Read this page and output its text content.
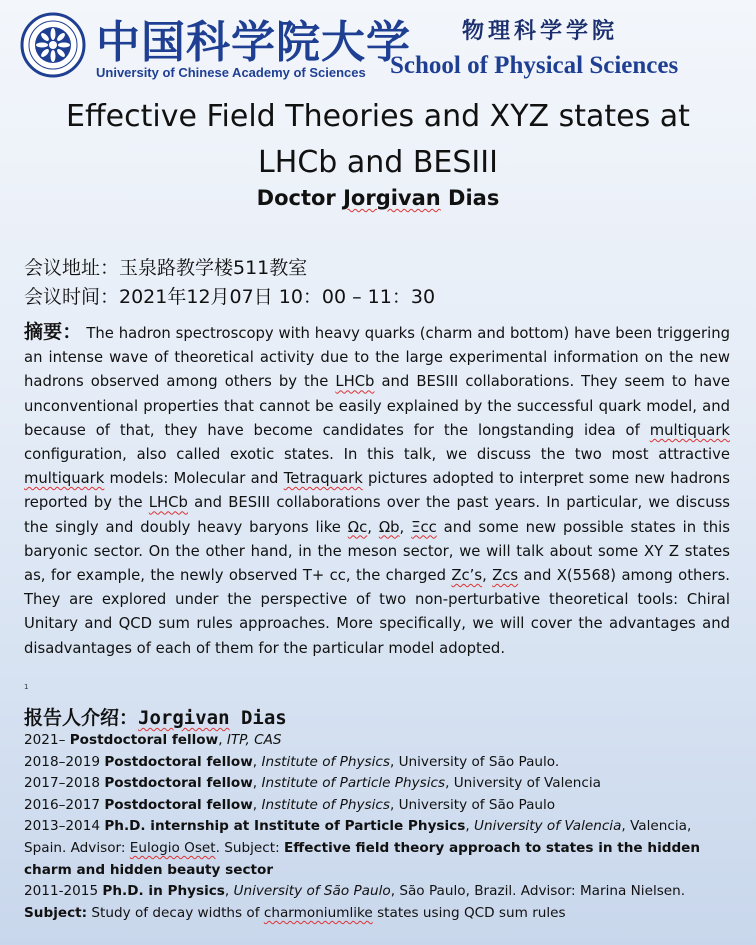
中国科学院大学
University of Chinese Academy of Sciences
物理科学学院
School of Physical Sciences
Effective Field Theories and XYZ states at
LHCb and BESIII
Doctor Jorgivan Dias
会议地址：玉泉路教学楼511教室
会议时间：2021年12月07日 10：00 – 11：30

摘要： The hadron spectroscopy with heavy quarks (charm and bottom) have been triggering an intense wave of theoretical activity due to the large experimental information on the new hadrons observed among others by the LHCb and BESIII collaborations. They seem to have unconventional properties that cannot be easily explained by the successful quark model, and because of that, they have become candidates for the longstanding idea of multiquark configuration, also called exotic states. In this talk, we discuss the two most attractive multiquark models: Molecular and Tetraquark pictures adopted to interpret some new hadrons reported by the LHCb and BESIII collaborations over the past years. In particular, we discuss the singly and doubly heavy baryons like Ωc, Ωb, Ξcc and some new possible states in this baryonic sector. On the other hand, in the meson sector, we will talk about some XY Z states as, for example, the newly observed T+ cc, the charged Zc’s, Zcs and X(5568) among others. They are explored under the perspective of two non-perturbative theoretical tools: Chiral Unitary and QCD sum rules approaches. More specifically, we will cover the advantages and disadvantages of each of them for the particular model adopted.

1
报告人介绍：Jorgivan Dias
2021– Postdoctoral fellow, ITP, CAS
2018–2019 Postdoctoral fellow, Institute of Physics, University of São Paulo.
2017–2018 Postdoctoral fellow, Institute of Particle Physics, University of Valencia
2016–2017 Postdoctoral fellow, Institute of Physics, University of São Paulo
2013–2014 Ph.D. internship at Institute of Particle Physics, University of Valencia, Valencia,
Spain. Advisor: Eulogio Oset. Subject: Effective field theory approach to states in the hidden
charm and hidden beauty sector
2011-2015 Ph.D. in Physics, University of São Paulo, São Paulo, Brazil. Advisor: Marina Nielsen.
Subject: Study of decay widths of charmoniumlike states using QCD sum rules
